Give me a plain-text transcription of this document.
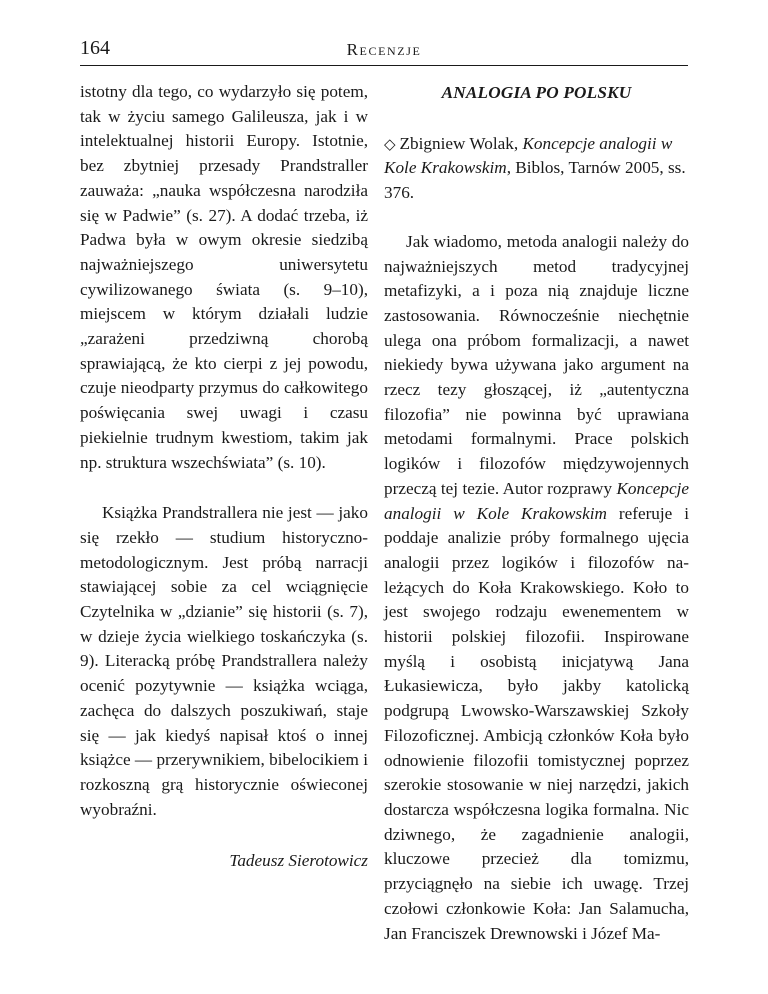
164	Recenzje

istotny dla tego, co wydarzyło się potem, tak w życiu samego Galileusza, jak i w intelektualnej historii Europy. Istotnie, bez zbytniej przesady Prandstraller zauważa: „nauka współczesna narodziła się w Padwie” (s. 27). A dodać trzeba, iż Padwa była w owym okresie siedzibą najważniejszego uniwersytetu cywilizowanego świata (s. 9–10), miejscem w którym działali ludzie „zarażeni przedziwną chorobą sprawiającą, że kto cierpi z jej powodu, czuje nieodparty przymus do całkowitego poświęcania swej uwagi i czasu piekielnie trudnym kwestiom, takim jak np. struktura wszechświata” (s. 10).

Książka Prandstrallera nie jest — jako się rzekło — studium historyczno-metodologicznym. Jest próbą narracji stawiającej sobie za cel wciągnięcie Czytelnika w „dzianie” się historii (s. 7), w dzieje życia wielkiego toskańczyka (s. 9). Literacką próbę Prandstrallera należy ocenić pozytywnie — książka wciąga, zachęca do dalszych poszukiwań, staje się — jak kiedyś napisał ktoś o innej książce — przerywnikiem, bibelocikiem i rozkoszną grą historycznie oświeconej wyobraźni.

Tadeusz Sierotowicz

ANALOGIA PO POLSKU

◇ Zbigniew Wolak, Koncepcje analogii w Kole Krakowskim, Biblos, Tarnów 2005, ss. 376.

Jak wiadomo, metoda analogii należy do najważniejszych metod tradycyjnej metafizyki, a i poza nią znajduje liczne zastosowania. Równocześnie niechętnie ulega ona próbom formalizacji, a nawet niekiedy bywa używana jako argument na rzecz tezy głoszącej, iż „autentyczna filozofia” nie powinna być uprawiana metodami formalnymi. Prace polskich logików i filozofów międzywojennych przeczą tej tezie. Autor rozprawy Koncepcje analogii w Kole Krakowskim referuje i poddaje analizie próby formalnego ujęcia analogii przez logików i filozofów należących do Koła Krakowskiego. Koło to jest swojego rodzaju ewenementem w historii polskiej filozofii. Inspirowane myślą i osobistą inicjatywą Jana Łukasiewicza, było jakby katolicką podgrupą Lwowsko-Warszawskiej Szkoły Filozoficznej. Ambicją członków Koła było odnowienie filozofii tomistycznej poprzez szerokie stosowanie w niej narzędzi, jakich dostarcza współczesna logika formalna. Nic dziwnego, że zagadnienie analogii, kluczowe przecież dla tomizmu, przyciągnęło na siebie ich uwagę. Trzej czołowi członkowie Koła: Jan Salamucha, Jan Franciszek Drewnowski i Józef Ma-
